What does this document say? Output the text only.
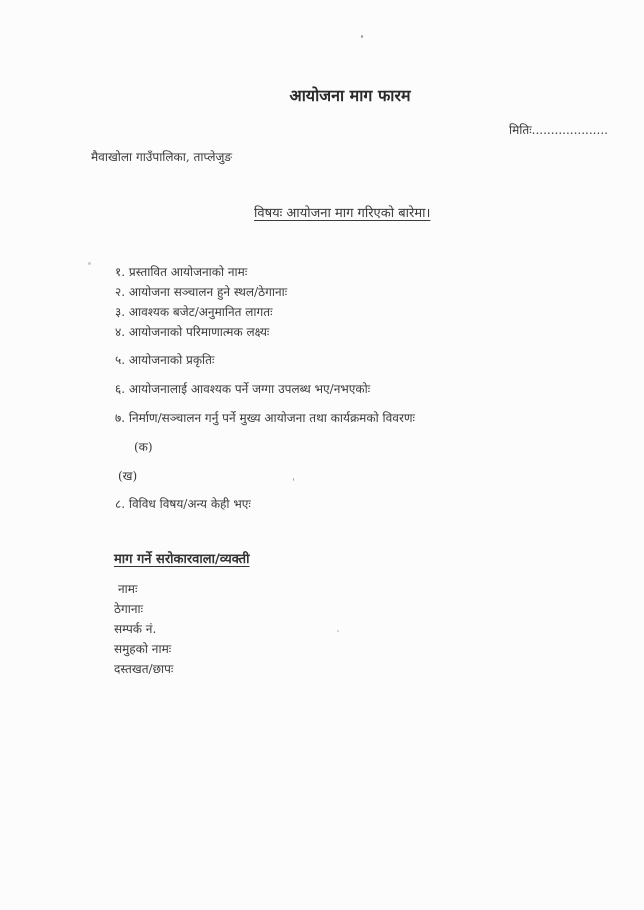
आयोजना माग फारम
मितिः....................
मैवाखोला गाउँपालिका, ताप्लेजुङ
विषयः आयोजना माग गरिएको बारेमा।
१. प्रस्तावित आयोजनाको नामः
२. आयोजना सञ्चालन हुने स्थल/ठेगानाः
३. आवश्यक बजेट/अनुमानित लागतः
४. आयोजनाको परिमाणात्मक लक्ष्यः
५. आयोजनाको प्रकृतिः
६. आयोजनालाई आवश्यक पर्ने जग्गा उपलब्ध भए/नभएकोः
७. निर्माण/सञ्चालन गर्नु पर्ने मुख्य आयोजना तथा कार्यक्रमको विवरणः
(क)
(ख)
८. विविध विषय/अन्य केही भएः
माग गर्ने सरोकारवाला/व्यक्ती
नामः
ठेगानाः
सम्पर्क नं.
समुहको नामः
दस्तखत/छापः
